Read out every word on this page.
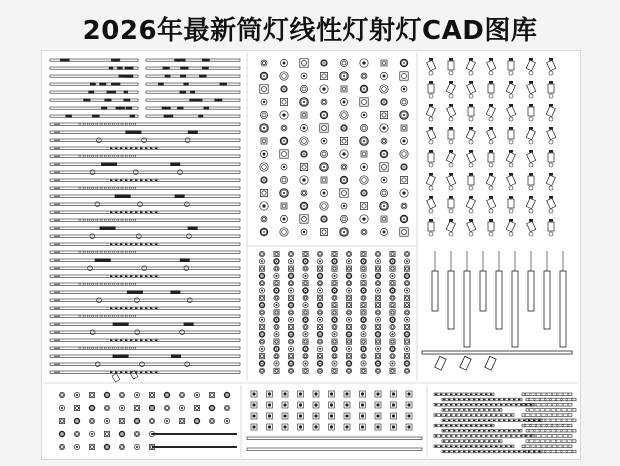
2026年最新筒灯线性灯射灯CAD图库
